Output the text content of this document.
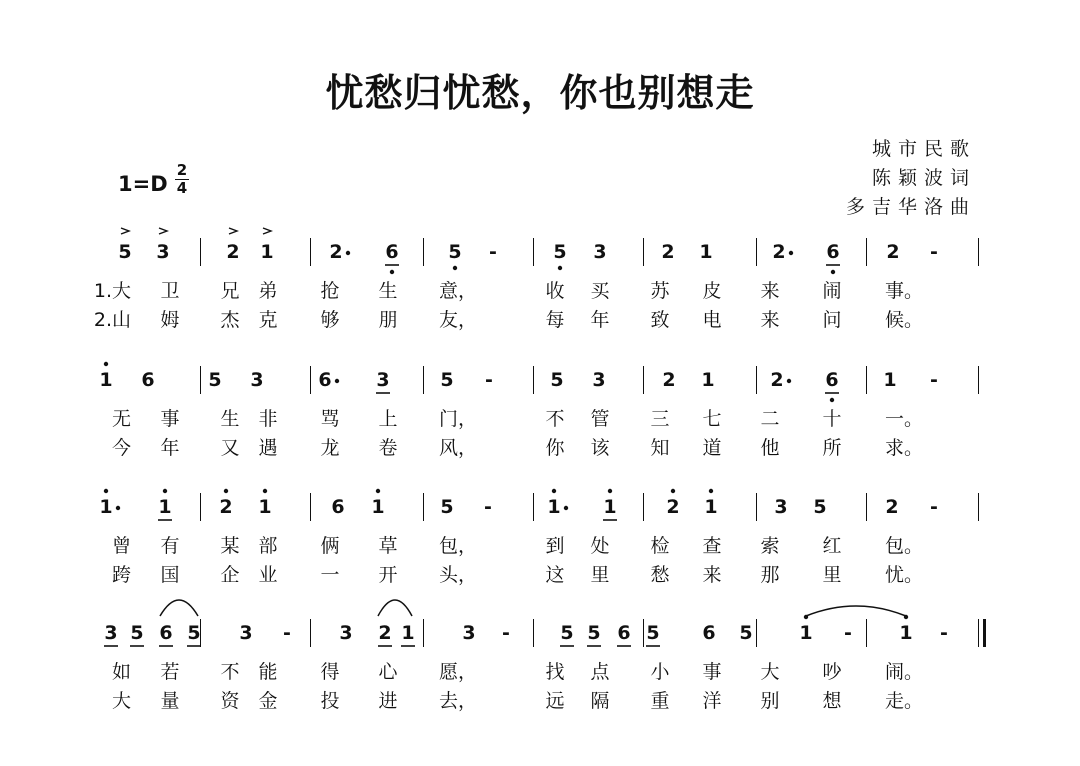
忧愁归忧愁，你也别想走
城市民歌
陈颖波词
多吉华洛曲
1=D
2
4
5 3	2 1	2 6	5	-	5 3	2 1	2 6 2	-
1.大 卫 兄 弟 抢 生 意，	收 买 苏 皮 来 闹 事。
2.山 姆 杰 克 够 朋 友，	每 年 致 电 来 问 候。
1 6	5 3	6 3	5	-	5 3	2 1	2 6 1	-
无 事 生 非 骂 上 门，	不 管 三 七 二 十 一。
今 年 又 遇 龙 卷 风，	你 该 知 道 他 所 求。
1 1	2 1	6 1	5	-	1 1	2 1	3 5	2	-
曾 有 某 部 俩 草 包，	到 处 检 查 索 红 包。
跨 国 企 业 一 开 头，	这 里 愁 来 那 里 忧。
3 5 6 5 3	-	3 2 1	3	-	5 5 6 5 6 5 1	-	1	-
如 若 不 能 得 心 愿，	找 点 小 事 大 吵 闹。
大 量 资 金 投 进 去，	远 隔 重 洋 别 想 走。
